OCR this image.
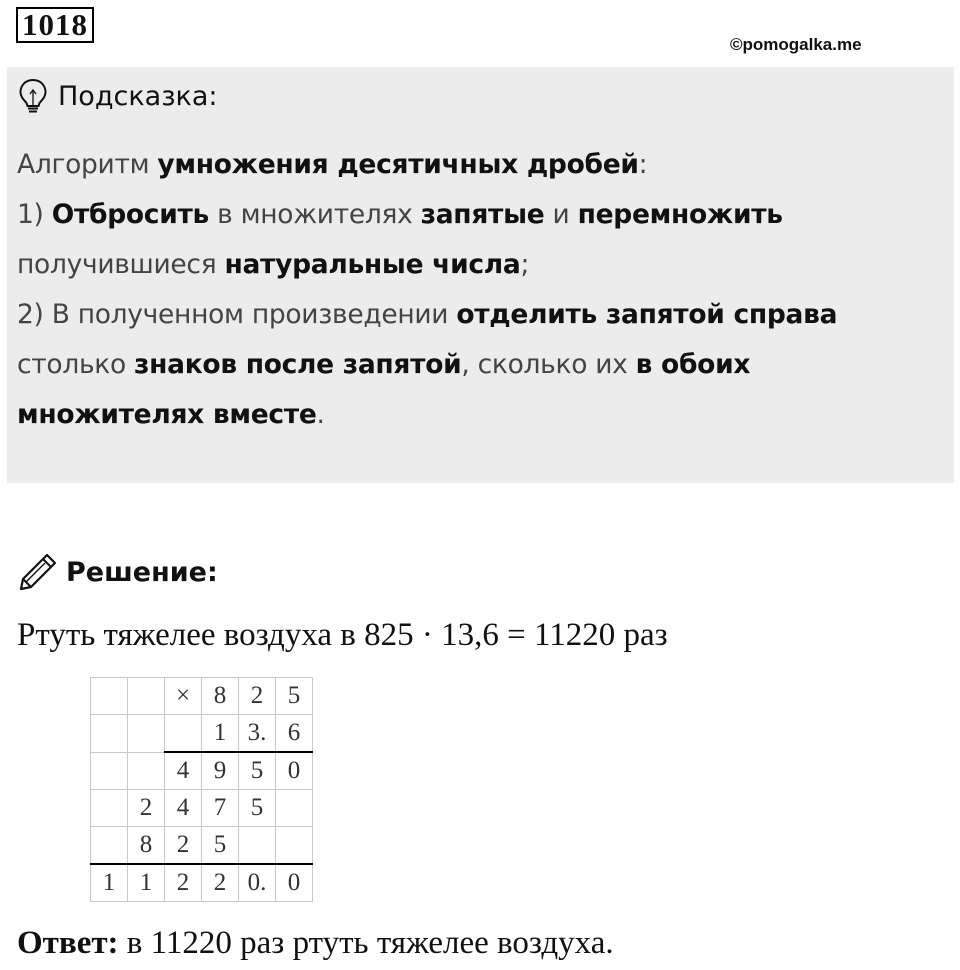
1018
©pomogalka.me
Подсказка:
Алгоритм умножения десятичных дробей:
1) Отбросить в множителях запятые и перемножить
получившиеся натуральные числа;
2) В полученном произведении отделить запятой справа
столько знаков после запятой, сколько их в обоих
множителях вместе.
Решение:
Ртуть тяжелее воздуха в 825 · 13,6 = 11220 раз
		×	8	2	5
			1	3.	6
		4	9	5	0
	2	4	7	5	
	8	2	5		
1	1	2	2	0.	0
Ответ: в 11220 раз ртуть тяжелее воздуха.
